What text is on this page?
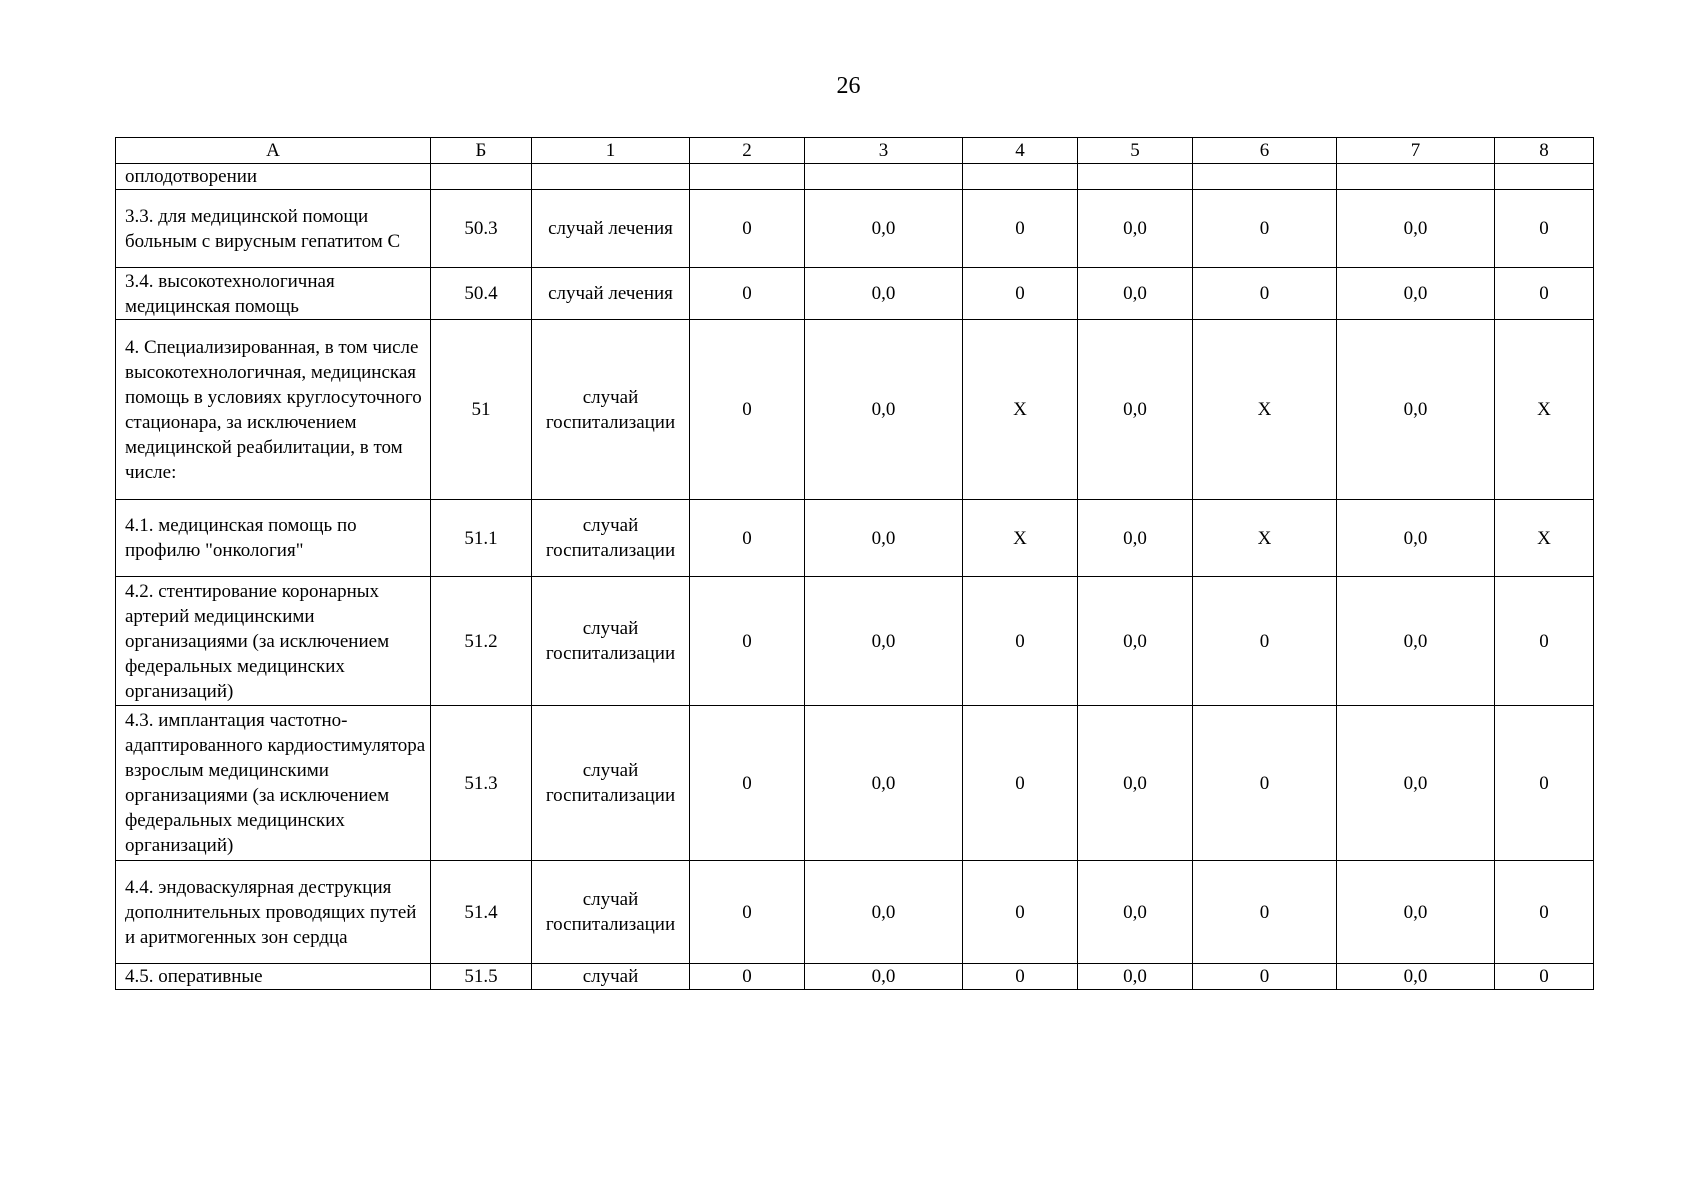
26
А	Б	1	2	3	4	5	6	7	8
оплодотворении									
3.3. для медицинской помощи больным с вирусным гепатитом С	50.3	случай лечения	0	0,0	0	0,0	0	0,0	0
3.4. высокотехнологичная медицинская помощь	50.4	случай лечения	0	0,0	0	0,0	0	0,0	0
4. Специализированная, в том числе высокотехнологичная, медицинская помощь в условиях круглосуточного стационара, за исключением медицинской реабилитации, в том числе:	51	случай госпитализации	0	0,0	Х	0,0	Х	0,0	Х
4.1. медицинская помощь по профилю "онкология"	51.1	случай госпитализации	0	0,0	Х	0,0	Х	0,0	Х
4.2. стентирование коронарных артерий медицинскими организациями (за исключением федеральных медицинских организаций)	51.2	случай госпитализации	0	0,0	0	0,0	0	0,0	0
4.3. имплантация частотно-адаптированного кардиостимулятора взрослым медицинскими организациями (за исключением федеральных медицинских организаций)	51.3	случай госпитализации	0	0,0	0	0,0	0	0,0	0
4.4. эндоваскулярная деструкция дополнительных проводящих путей и аритмогенных зон сердца	51.4	случай госпитализации	0	0,0	0	0,0	0	0,0	0
4.5. оперативные	51.5	случай	0	0,0	0	0,0	0	0,0	0
